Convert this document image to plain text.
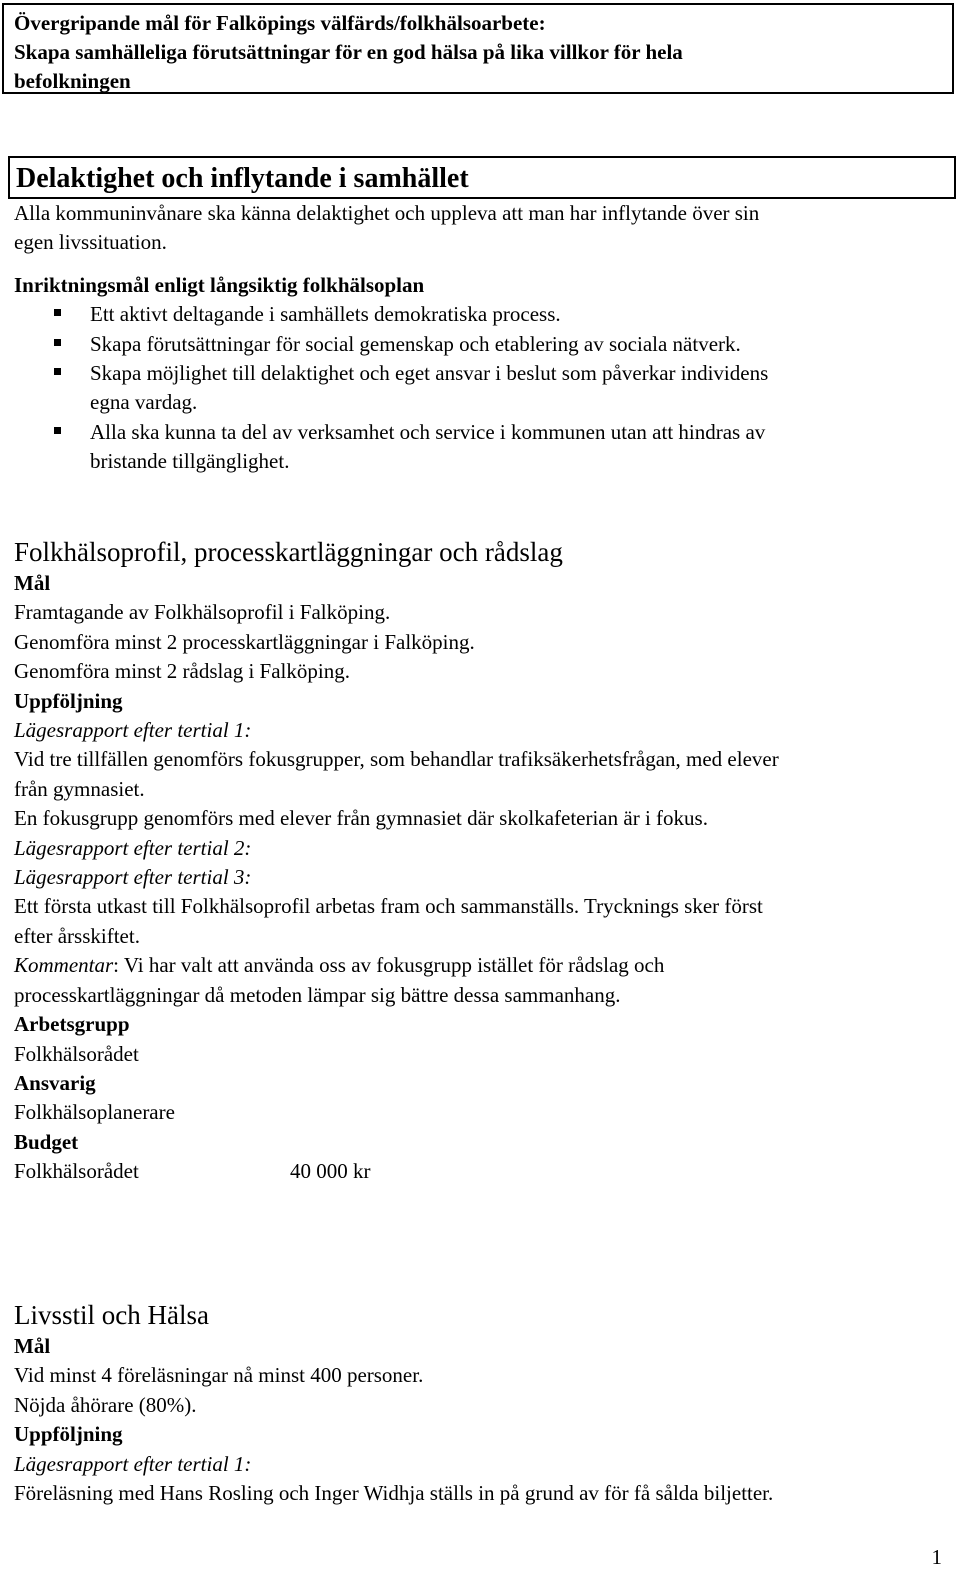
Övergripande mål för Falköpings välfärds/folkhälsoarbete:
Skapa samhälleliga förutsättningar för en god hälsa på lika villkor för hela
befolkningen
Delaktighet och inflytande i samhället
Alla kommuninvånare ska känna delaktighet och uppleva att man har inflytande över sin
egen livssituation.
Inriktningsmål enligt långsiktig folkhälsoplan
Ett aktivt deltagande i samhällets demokratiska process.
Skapa förutsättningar för social gemenskap och etablering av sociala nätverk.
Skapa möjlighet till delaktighet och eget ansvar i beslut som påverkar individens
egna vardag.
Alla ska kunna ta del av verksamhet och service i kommunen utan att hindras av
bristande tillgänglighet.
Folkhälsoprofil, processkartläggningar och rådslag
Mål
Framtagande av Folkhälsoprofil i Falköping.
Genomföra minst 2 processkartläggningar i Falköping.
Genomföra minst 2 rådslag i Falköping.
Uppföljning
Lägesrapport efter tertial 1:
Vid tre tillfällen genomförs fokusgrupper, som behandlar trafiksäkerhetsfrågan, med elever
från gymnasiet.
En fokusgrupp genomförs med elever från gymnasiet där skolkafeterian är i fokus.
Lägesrapport efter tertial 2:
Lägesrapport efter tertial 3:
Ett första utkast till Folkhälsoprofil arbetas fram och sammanställs. Trycknings sker först
efter årsskiftet.
Kommentar: Vi har valt att använda oss av fokusgrupp istället för rådslag och
processkartläggningar då metoden lämpar sig bättre dessa sammanhang.
Arbetsgrupp
Folkhälsorådet
Ansvarig
Folkhälsoplanerare
Budget
Folkhälsorådet	40 000 kr
Livsstil och Hälsa
Mål
Vid minst 4 föreläsningar nå minst 400 personer.
Nöjda åhörare (80%).
Uppföljning
Lägesrapport efter tertial 1:
Föreläsning med Hans Rosling och Inger Widhja ställs in på grund av för få sålda biljetter.
1
